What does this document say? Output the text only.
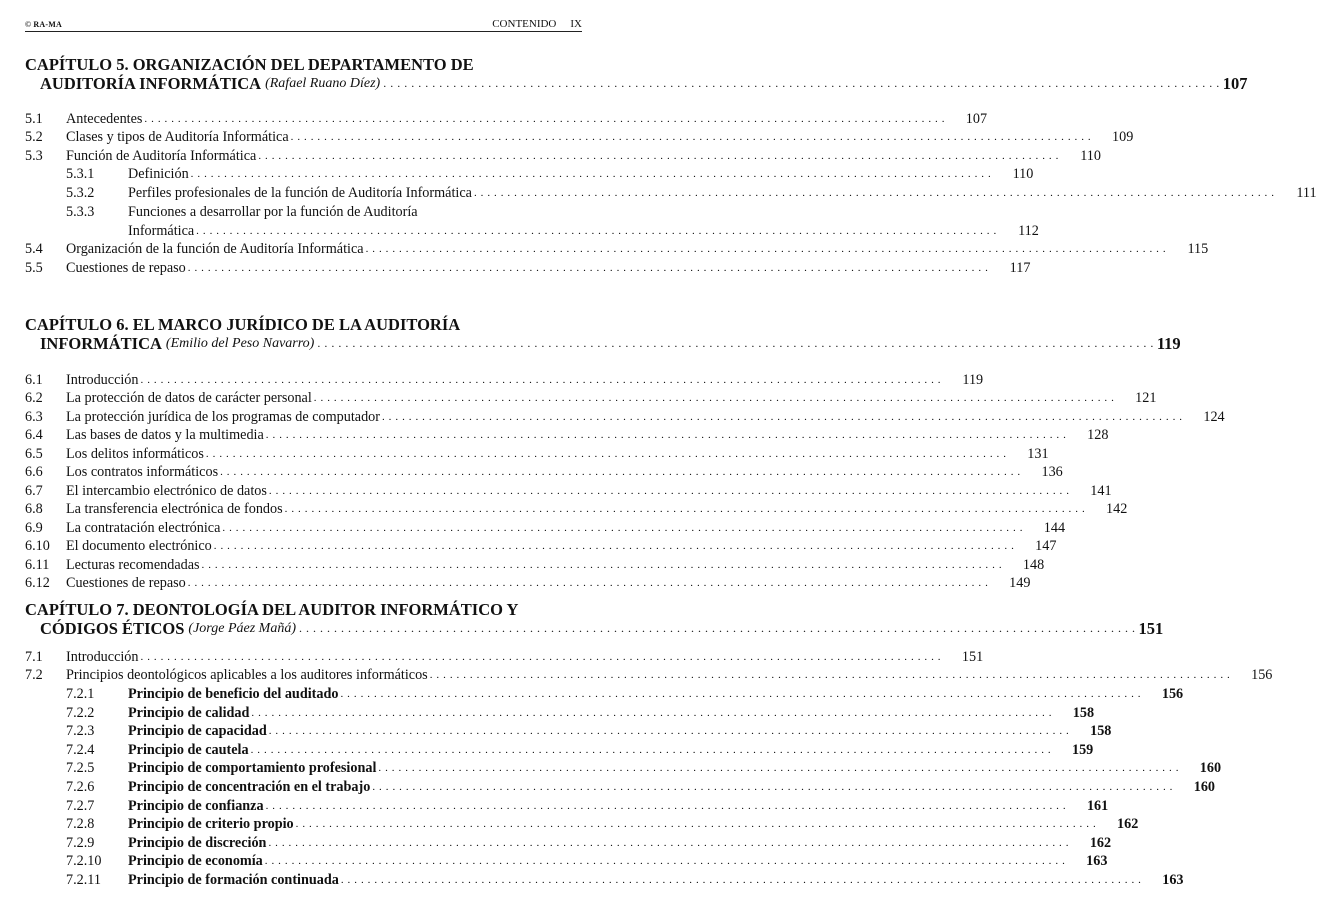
© RA-MA	CONTENIDO IX
CAPÍTULO 5. ORGANIZACIÓN DEL DEPARTAMENTO DE
AUDITORÍA INFORMÁTICA (Rafael Ruano Díez) . . . . . . . . . . . . . . . . . . . . . . . . . . . . . . . . . . . . . . . . . . . . . . . . . . . . . . . . . . . . . . . . . . . . . . . . . . . . . . . . . . . . . . . . . . . . . . . . . . . . . . . . . . . . . . . . . . . . . . . . 107
5.1	Antecedentes . . . . . . . . . . . . . . . . . . . . . . . . . . . . . . . . . . . . . . . . . . . . . . . . . . . . . . . . . . . . . . . . . . . . . . . . . . . . . . . . . . . . . . . . . . . . . . . . . . . . . . . . . . . . . . . . . . . . . . . .	107
5.2	Clases y tipos de Auditoría Informática . . . . . . . . . . . . . . . . . . . . . . . . . . . . . . . . . . . . . . . . . . . . . . . . . . . . . . . . . . . . . . . . . . . . . . . . . . . . . . . . . . . . . . . . . . . . . . . . . . . . . . . . . . . . . . . . . . . . . . . .	109
5.3	Función de Auditoría Informática . . . . . . . . . . . . . . . . . . . . . . . . . . . . . . . . . . . . . . . . . . . . . . . . . . . . . . . . . . . . . . . . . . . . . . . . . . . . . . . . . . . . . . . . . . . . . . . . . . . . . . . . . . . . . . . . . . . . . . . .	110
5.3.1	Definición . . . . . . . . . . . . . . . . . . . . . . . . . . . . . . . . . . . . . . . . . . . . . . . . . . . . . . . . . . . . . . . . . . . . . . . . . . . . . . . . . . . . . . . . . . . . . . . . . . . . . . . . . . . . . . . . . . . . . . . .	110
5.3.2	Perfiles profesionales de la función de Auditoría Informática . . . . . . . . . . . . . . . . . . . . . . . . . . . . . . . . . . . . . . . . . . . . . . . . . . . . . . . . . . . . . . . . . . . . . . . . . . . . . . . . . . . . . . . . . . . . . . . . . . . . . . . . . . . . . . . . . . . . . . . .	111
5.3.3	Funciones a desarrollar por la función de Auditoría
Informática . . . . . . . . . . . . . . . . . . . . . . . . . . . . . . . . . . . . . . . . . . . . . . . . . . . . . . . . . . . . . . . . . . . . . . . . . . . . . . . . . . . . . . . . . . . . . . . . . . . . . . . . . . . . . . . . . . . . . . . .	112
5.4	Organización de la función de Auditoría Informática . . . . . . . . . . . . . . . . . . . . . . . . . . . . . . . . . . . . . . . . . . . . . . . . . . . . . . . . . . . . . . . . . . . . . . . . . . . . . . . . . . . . . . . . . . . . . . . . . . . . . . . . . . . . . . . . . . . . . . . .	115
5.5	Cuestiones de repaso . . . . . . . . . . . . . . . . . . . . . . . . . . . . . . . . . . . . . . . . . . . . . . . . . . . . . . . . . . . . . . . . . . . . . . . . . . . . . . . . . . . . . . . . . . . . . . . . . . . . . . . . . . . . . . . . . . . . . . . .	117
CAPÍTULO 6. EL MARCO JURÍDICO DE LA AUDITORÍA
INFORMÁTICA (Emilio del Peso Navarro) . . . . . . . . . . . . . . . . . . . . . . . . . . . . . . . . . . . . . . . . . . . . . . . . . . . . . . . . . . . . . . . . . . . . . . . . . . . . . . . . . . . . . . . . . . . . . . . . . . . . . . . . . . . . . . . . . . . . . . . . 119
6.1	Introducción . . . . . . . . . . . . . . . . . . . . . . . . . . . . . . . . . . . . . . . . . . . . . . . . . . . . . . . . . . . . . . . . . . . . . . . . . . . . . . . . . . . . . . . . . . . . . . . . . . . . . . . . . . . . . . . . . . . . . . . .	119
6.2	La protección de datos de carácter personal . . . . . . . . . . . . . . . . . . . . . . . . . . . . . . . . . . . . . . . . . . . . . . . . . . . . . . . . . . . . . . . . . . . . . . . . . . . . . . . . . . . . . . . . . . . . . . . . . . . . . . . . . . . . . . . . . . . . . . . .	121
6.3	La protección jurídica de los programas de computador . . . . . . . . . . . . . . . . . . . . . . . . . . . . . . . . . . . . . . . . . . . . . . . . . . . . . . . . . . . . . . . . . . . . . . . . . . . . . . . . . . . . . . . . . . . . . . . . . . . . . . . . . . . . . . . . . . . . . . . .	124
6.4	Las bases de datos y la multimedia . . . . . . . . . . . . . . . . . . . . . . . . . . . . . . . . . . . . . . . . . . . . . . . . . . . . . . . . . . . . . . . . . . . . . . . . . . . . . . . . . . . . . . . . . . . . . . . . . . . . . . . . . . . . . . . . . . . . . . . .	128
6.5	Los delitos informáticos . . . . . . . . . . . . . . . . . . . . . . . . . . . . . . . . . . . . . . . . . . . . . . . . . . . . . . . . . . . . . . . . . . . . . . . . . . . . . . . . . . . . . . . . . . . . . . . . . . . . . . . . . . . . . . . . . . . . . . . .	131
6.6	Los contratos informáticos . . . . . . . . . . . . . . . . . . . . . . . . . . . . . . . . . . . . . . . . . . . . . . . . . . . . . . . . . . . . . . . . . . . . . . . . . . . . . . . . . . . . . . . . . . . . . . . . . . . . . . . . . . . . . . . . . . . . . . . .	136
6.7	El intercambio electrónico de datos . . . . . . . . . . . . . . . . . . . . . . . . . . . . . . . . . . . . . . . . . . . . . . . . . . . . . . . . . . . . . . . . . . . . . . . . . . . . . . . . . . . . . . . . . . . . . . . . . . . . . . . . . . . . . . . . . . . . . . . .	141
6.8	La transferencia electrónica de fondos . . . . . . . . . . . . . . . . . . . . . . . . . . . . . . . . . . . . . . . . . . . . . . . . . . . . . . . . . . . . . . . . . . . . . . . . . . . . . . . . . . . . . . . . . . . . . . . . . . . . . . . . . . . . . . . . . . . . . . . .	142
6.9	La contratación electrónica . . . . . . . . . . . . . . . . . . . . . . . . . . . . . . . . . . . . . . . . . . . . . . . . . . . . . . . . . . . . . . . . . . . . . . . . . . . . . . . . . . . . . . . . . . . . . . . . . . . . . . . . . . . . . . . . . . . . . . . .	144
6.10	El documento electrónico . . . . . . . . . . . . . . . . . . . . . . . . . . . . . . . . . . . . . . . . . . . . . . . . . . . . . . . . . . . . . . . . . . . . . . . . . . . . . . . . . . . . . . . . . . . . . . . . . . . . . . . . . . . . . . . . . . . . . . . .	147
6.11	Lecturas recomendadas . . . . . . . . . . . . . . . . . . . . . . . . . . . . . . . . . . . . . . . . . . . . . . . . . . . . . . . . . . . . . . . . . . . . . . . . . . . . . . . . . . . . . . . . . . . . . . . . . . . . . . . . . . . . . . . . . . . . . . . .	148
6.12	Cuestiones de repaso . . . . . . . . . . . . . . . . . . . . . . . . . . . . . . . . . . . . . . . . . . . . . . . . . . . . . . . . . . . . . . . . . . . . . . . . . . . . . . . . . . . . . . . . . . . . . . . . . . . . . . . . . . . . . . . . . . . . . . . .	149
CAPÍTULO 7. DEONTOLOGÍA DEL AUDITOR INFORMÁTICO Y
CÓDIGOS ÉTICOS (Jorge Páez Mañá) . . . . . . . . . . . . . . . . . . . . . . . . . . . . . . . . . . . . . . . . . . . . . . . . . . . . . . . . . . . . . . . . . . . . . . . . . . . . . . . . . . . . . . . . . . . . . . . . . . . . . . . . . . . . . . . . . . . . . . . . 151
7.1	Introducción . . . . . . . . . . . . . . . . . . . . . . . . . . . . . . . . . . . . . . . . . . . . . . . . . . . . . . . . . . . . . . . . . . . . . . . . . . . . . . . . . . . . . . . . . . . . . . . . . . . . . . . . . . . . . . . . . . . . . . . .	151
7.2	Principios deontológicos aplicables a los auditores informáticos . . . . . . . . . . . . . . . . . . . . . . . . . . . . . . . . . . . . . . . . . . . . . . . . . . . . . . . . . . . . . . . . . . . . . . . . . . . . . . . . . . . . . . . . . . . . . . . . . . . . . . . . . . . . . . . . . . . . . . . .	156
7.2.1	Principio de beneficio del auditado . . . . . . . . . . . . . . . . . . . . . . . . . . . . . . . . . . . . . . . . . . . . . . . . . . . . . . . . . . . . . . . . . . . . . . . . . . . . . . . . . . . . . . . . . . . . . . . . . . . . . . . . . . . . . . . . . . . . . . . .	156
7.2.2	Principio de calidad . . . . . . . . . . . . . . . . . . . . . . . . . . . . . . . . . . . . . . . . . . . . . . . . . . . . . . . . . . . . . . . . . . . . . . . . . . . . . . . . . . . . . . . . . . . . . . . . . . . . . . . . . . . . . . . . . . . . . . . .	158
7.2.3	Principio de capacidad . . . . . . . . . . . . . . . . . . . . . . . . . . . . . . . . . . . . . . . . . . . . . . . . . . . . . . . . . . . . . . . . . . . . . . . . . . . . . . . . . . . . . . . . . . . . . . . . . . . . . . . . . . . . . . . . . . . . . . . .	158
7.2.4	Principio de cautela . . . . . . . . . . . . . . . . . . . . . . . . . . . . . . . . . . . . . . . . . . . . . . . . . . . . . . . . . . . . . . . . . . . . . . . . . . . . . . . . . . . . . . . . . . . . . . . . . . . . . . . . . . . . . . . . . . . . . . . .	159
7.2.5	Principio de comportamiento profesional . . . . . . . . . . . . . . . . . . . . . . . . . . . . . . . . . . . . . . . . . . . . . . . . . . . . . . . . . . . . . . . . . . . . . . . . . . . . . . . . . . . . . . . . . . . . . . . . . . . . . . . . . . . . . . . . . . . . . . . .	160
7.2.6	Principio de concentración en el trabajo . . . . . . . . . . . . . . . . . . . . . . . . . . . . . . . . . . . . . . . . . . . . . . . . . . . . . . . . . . . . . . . . . . . . . . . . . . . . . . . . . . . . . . . . . . . . . . . . . . . . . . . . . . . . . . . . . . . . . . . .	160
7.2.7	Principio de confianza . . . . . . . . . . . . . . . . . . . . . . . . . . . . . . . . . . . . . . . . . . . . . . . . . . . . . . . . . . . . . . . . . . . . . . . . . . . . . . . . . . . . . . . . . . . . . . . . . . . . . . . . . . . . . . . . . . . . . . . .	161
7.2.8	Principio de criterio propio . . . . . . . . . . . . . . . . . . . . . . . . . . . . . . . . . . . . . . . . . . . . . . . . . . . . . . . . . . . . . . . . . . . . . . . . . . . . . . . . . . . . . . . . . . . . . . . . . . . . . . . . . . . . . . . . . . . . . . . .	162
7.2.9	Principio de discreción . . . . . . . . . . . . . . . . . . . . . . . . . . . . . . . . . . . . . . . . . . . . . . . . . . . . . . . . . . . . . . . . . . . . . . . . . . . . . . . . . . . . . . . . . . . . . . . . . . . . . . . . . . . . . . . . . . . . . . . .	162
7.2.10	Principio de economía . . . . . . . . . . . . . . . . . . . . . . . . . . . . . . . . . . . . . . . . . . . . . . . . . . . . . . . . . . . . . . . . . . . . . . . . . . . . . . . . . . . . . . . . . . . . . . . . . . . . . . . . . . . . . . . . . . . . . . . .	163
7.2.11	Principio de formación continuada . . . . . . . . . . . . . . . . . . . . . . . . . . . . . . . . . . . . . . . . . . . . . . . . . . . . . . . . . . . . . . . . . . . . . . . . . . . . . . . . . . . . . . . . . . . . . . . . . . . . . . . . . . . . . . . . . . . . . . . .	163
